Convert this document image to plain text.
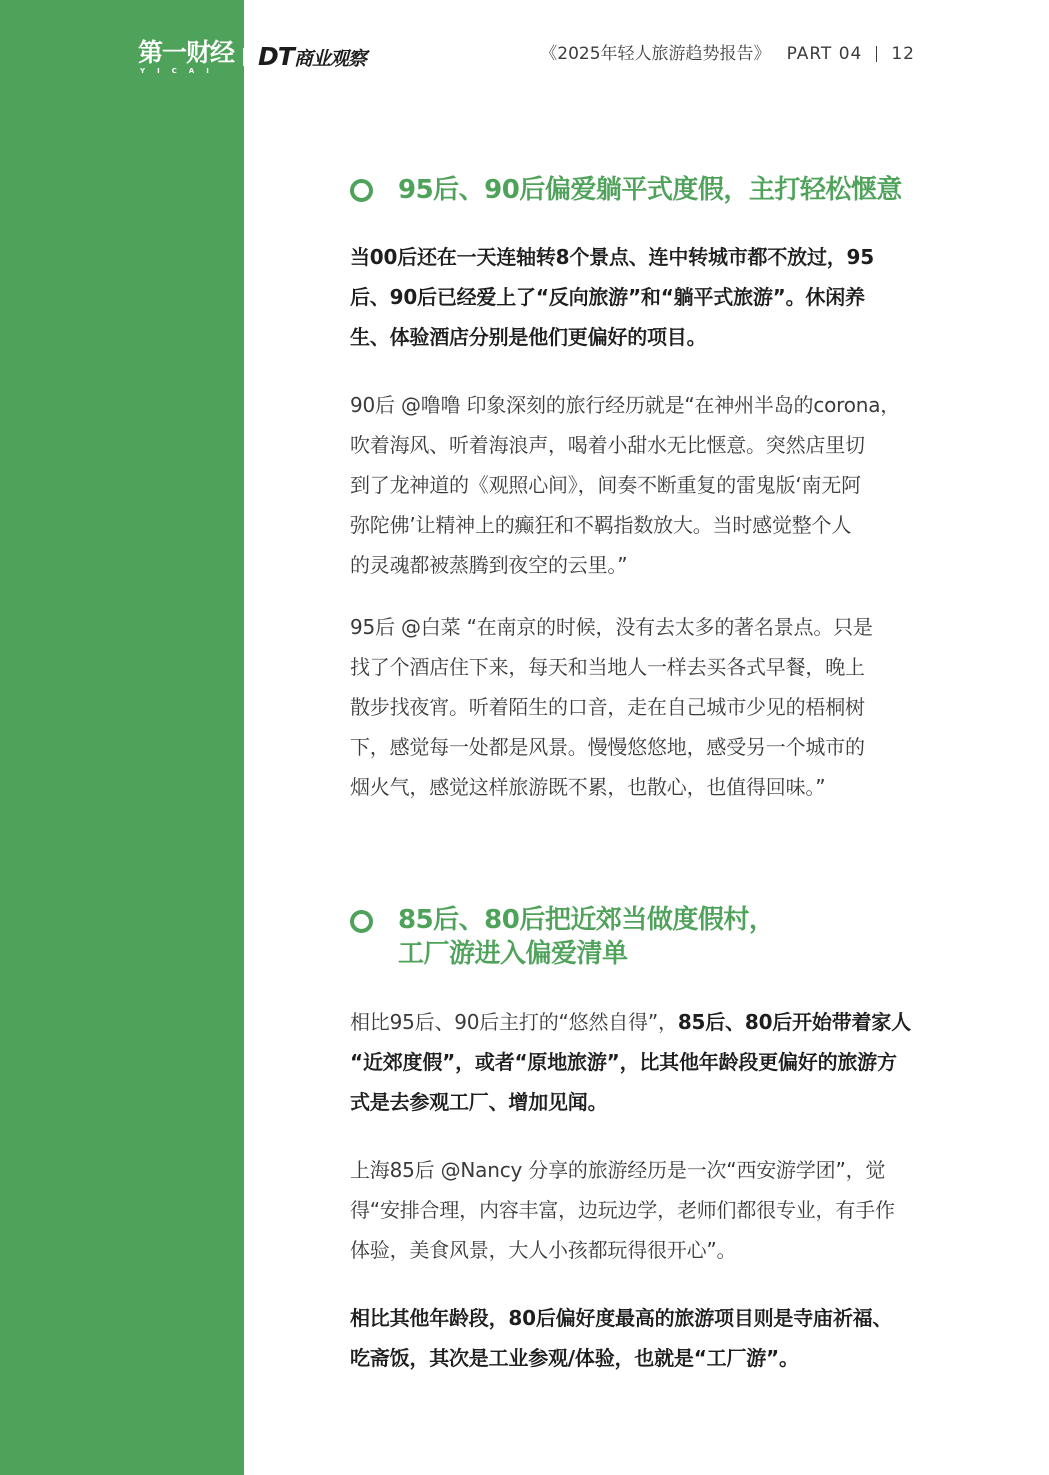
第一财经
YICAI	DT商业观察	《2025年轻人旅游趋势报告》 PART 04 12
95后、90后偏爱躺平式度假，主打轻松惬意
当00后还在一天连轴转8个景点、连中转城市都不放过，95
后、90后已经爱上了“反向旅游”和“躺平式旅游”。休闲养
生、体验酒店分别是他们更偏好的项目。
90后 @噜噜 印象深刻的旅行经历就是“在神州半岛的corona，
吹着海风、听着海浪声，喝着小甜水无比惬意。突然店里切
到了龙神道的《观照心间》，间奏不断重复的雷鬼版‘南无阿
弥陀佛’让精神上的癫狂和不羁指数放大。当时感觉整个人
的灵魂都被蒸腾到夜空的云里。”
95后 @白菜 “在南京的时候，没有去太多的著名景点。只是
找了个酒店住下来，每天和当地人一样去买各式早餐，晚上
散步找夜宵。听着陌生的口音，走在自己城市少见的梧桐树
下，感觉每一处都是风景。慢慢悠悠地，感受另一个城市的
烟火气，感觉这样旅游既不累，也散心，也值得回味。”
85后、80后把近郊当做度假村，
工厂游进入偏爱清单
相比95后、90后主打的“悠然自得”，85后、80后开始带着家人
“近郊度假”，或者“原地旅游”，比其他年龄段更偏好的旅游方
式是去参观工厂、增加见闻。
上海85后 @Nancy 分享的旅游经历是一次“西安游学团”，觉
得“安排合理，内容丰富，边玩边学，老师们都很专业，有手作
体验，美食风景，大人小孩都玩得很开心”。
相比其他年龄段，80后偏好度最高的旅游项目则是寺庙祈福、
吃斋饭，其次是工业参观/体验，也就是“工厂游”。
